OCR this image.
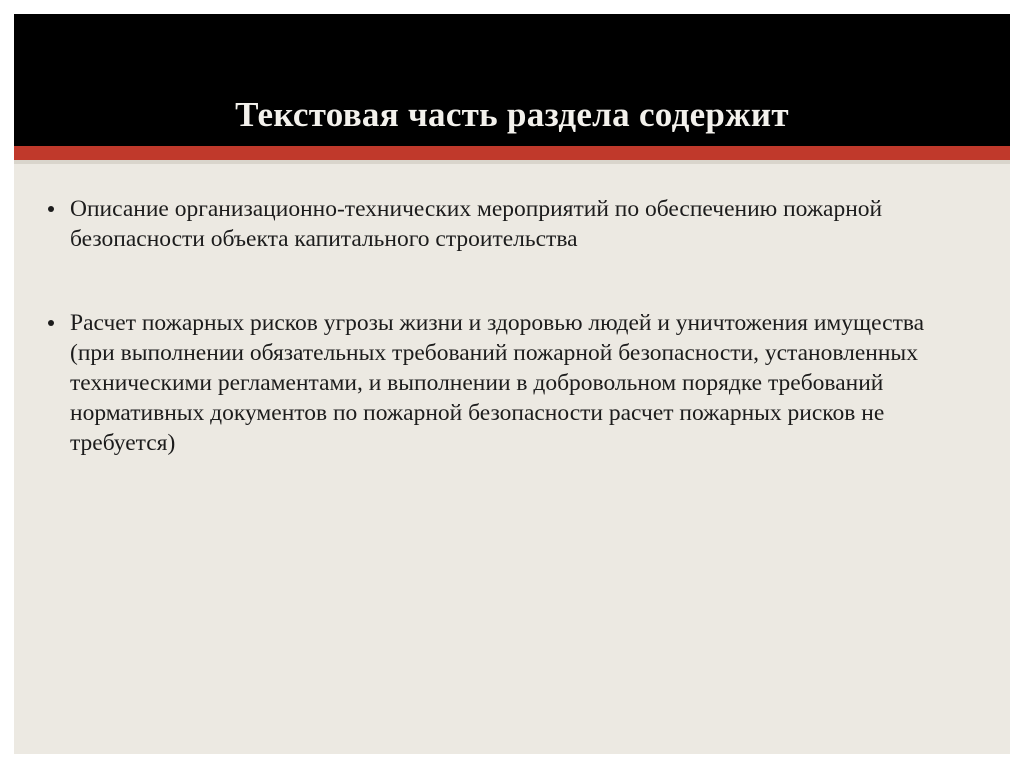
Текстовая часть раздела содержит
Описание организационно-технических мероприятий по обеспечению пожарной безопасности объекта капитального строительства
Расчет пожарных рисков угрозы жизни и здоровью людей и уничтожения имущества (при выполнении обязательных требований пожарной безопасности, установленных техническими регламентами, и выполнении в добровольном порядке требований нормативных документов по пожарной безопасности расчет пожарных рисков не требуется)
